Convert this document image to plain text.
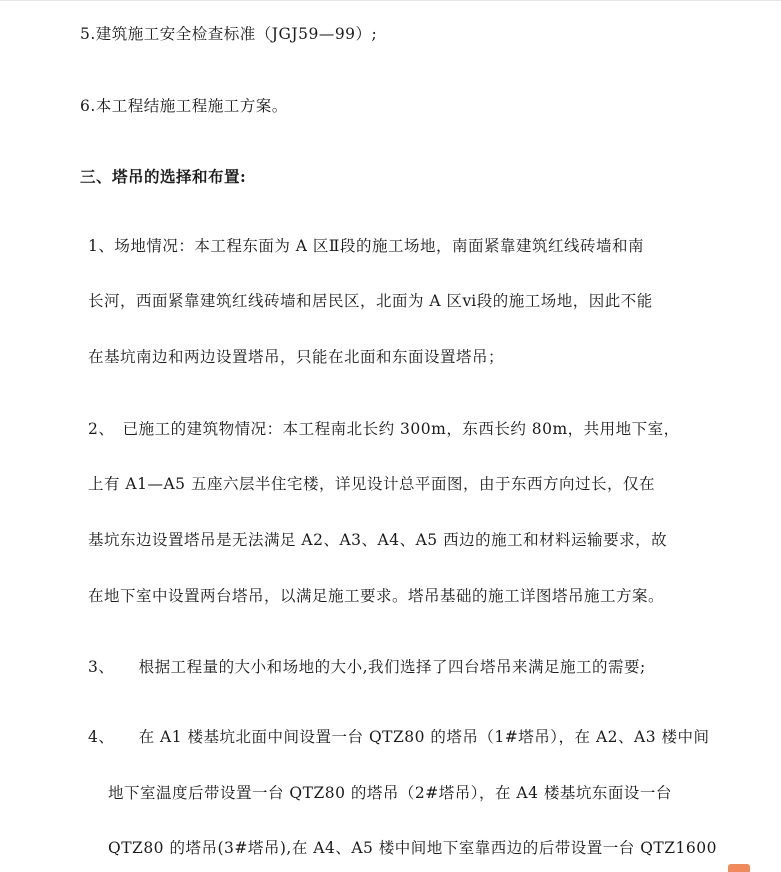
5.建筑施工安全检查标准（JGJ59—99）;
6.本工程结施工程施工方案。
三、塔吊的选择和布置:
1、场地情况：本工程东面为 A 区Ⅱ段的施工场地，南面紧靠建筑红线砖墙和南
长河，西面紧靠建筑红线砖墙和居民区，北面为 A 区ⅵ段的施工场地，因此不能
在基坑南边和两边设置塔吊，只能在北面和东面设置塔吊；
2、　已施工的建筑物情况：本工程南北长约 300m，东西长约 80m，共用地下室，
上有 A1—A5 五座六层半住宅楼，详见设计总平面图，由于东西方向过长，仅在
基坑东边设置塔吊是无法满足 A2、A3、A4、A5 西边的施工和材料运输要求，故
在地下室中设置两台塔吊，以满足施工要求。塔吊基础的施工详图塔吊施工方案。
3、　　根据工程量的大小和场地的大小,我们选择了四台塔吊来满足施工的需要;
4、　　在 A1 楼基坑北面中间设置一台 QTZ80 的塔吊（1#塔吊），在 A2、A3 楼中间
地下室温度后带设置一台 QTZ80 的塔吊（2#塔吊），在 A4 楼基坑东面设一台
QTZ80 的塔吊(3#塔吊),在 A4、A5 楼中间地下室靠西边的后带设置一台 QTZ1600
